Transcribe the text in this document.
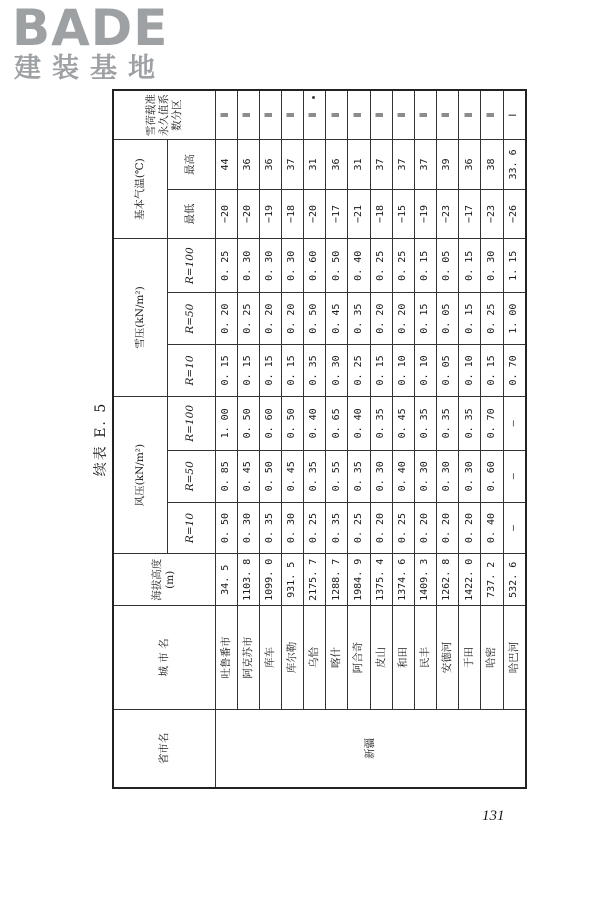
BADE
建装基地
续表 E. 5
省市名	城 市 名	海拔高度(m)	风压(kN/m²)			雪压(kN/m²)			基本气温(℃)		雪荷载准永久值系数分区
			R=10	R=50	R=100	R=10	R=50	R=100	最低	最高	
新疆	吐鲁番市	34. 5	0. 50	0. 85	1. 00	0. 15	0. 20	0. 25	−20	44	Ⅱ
	阿克苏市	1103. 8	0. 30	0. 45	0. 50	0. 15	0. 25	0. 30	−20	36	Ⅱ
	库车	1099. 0	0. 35	0. 50	0. 60	0. 15	0. 20	0. 30	−19	36	Ⅱ
	库尔勒	931. 5	0. 30	0. 45	0. 50	0. 15	0. 20	0. 30	−18	37	Ⅱ
	乌恰	2175. 7	0. 25	0. 35	0. 40	0. 35	0. 50	0. 60	−20	31	Ⅱ
	喀什	1288. 7	0. 35	0. 55	0. 65	0. 30	0. 45	0. 50	−17	36	Ⅱ
	阿合奇	1984. 9	0. 25	0. 35	0. 40	0. 25	0. 35	0. 40	−21	31	Ⅱ
	皮山	1375. 4	0. 20	0. 30	0. 35	0. 15	0. 20	0. 25	−18	37	Ⅱ
	和田	1374. 6	0. 25	0. 40	0. 45	0. 10	0. 20	0. 25	−15	37	Ⅱ
	民丰	1409. 3	0. 20	0. 30	0. 35	0. 10	0. 15	0. 15	−19	37	Ⅱ
	安德河	1262. 8	0. 20	0. 30	0. 35	0. 05	0. 05	0. 05	−23	39	Ⅱ
	于田	1422. 0	0. 20	0. 30	0. 35	0. 10	0. 15	0. 15	−17	36	Ⅱ
	哈密	737. 2	0. 40	0. 60	0. 70	0. 15	0. 25	0. 30	−23	38	Ⅱ
	哈巴河	532. 6	—	—	—	0. 70	1. 00	1. 15	−26	33. 6	Ⅰ
131
